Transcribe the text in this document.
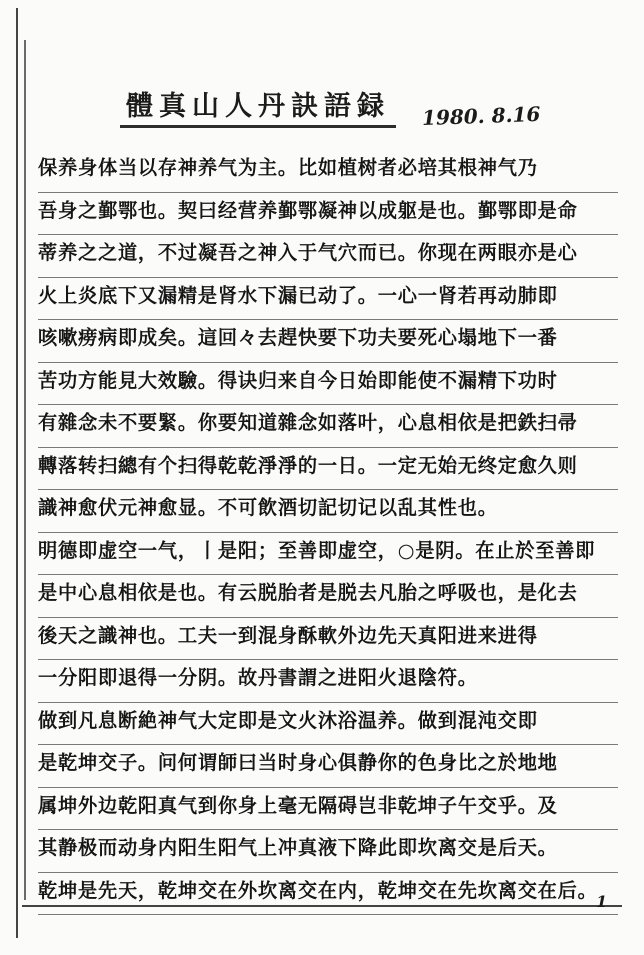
體真山人丹訣語録	1980. 8.16
保养身体当以存神养气为主。比如植树者必培其根神气乃
吾身之鄞鄂也。契曰经营养鄞鄂凝神以成躯是也。鄞鄂即是命
蒂养之之道，不过凝吾之神入于气穴而已。你现在两眼亦是心
火上炎底下又漏精是肾水下漏已动了。一心一肾若再动肺即
咳嗽痨病即成矣。這回々去趕快要下功夫要死心塌地下一番
苦功方能見大效驗。得诀归来自今日始即能使不漏精下功时
有雜念未不要緊。你要知道雜念如落叶，心息相依是把鉄扫帚
轉落转扫總有个扫得乾乾淨淨的一日。一定无始无终定愈久则
識神愈伏元神愈显。不可飲酒切記切记以乱其性也。
明德即虚空一气，丨是阳；至善即虚空，○是阴。在止於至善即
是中心息相依是也。有云脱胎者是脱去凡胎之呼吸也，是化去
後天之識神也。工夫一到混身酥軟外边先天真阳进来进得
一分阳即退得一分阴。故丹書謂之进阳火退陰符。
做到凡息断絶神气大定即是文火沐浴温养。做到混沌交即
是乾坤交子。问何谓師曰当时身心俱静你的色身比之於地地
属坤外边乾阳真气到你身上毫无隔碍岂非乾坤子午交乎。及
其静极而动身内阳生阳气上冲真液下降此即坎离交是后天。
乾坤是先天，乾坤交在外坎离交在内，乾坤交在先坎离交在后。
1
